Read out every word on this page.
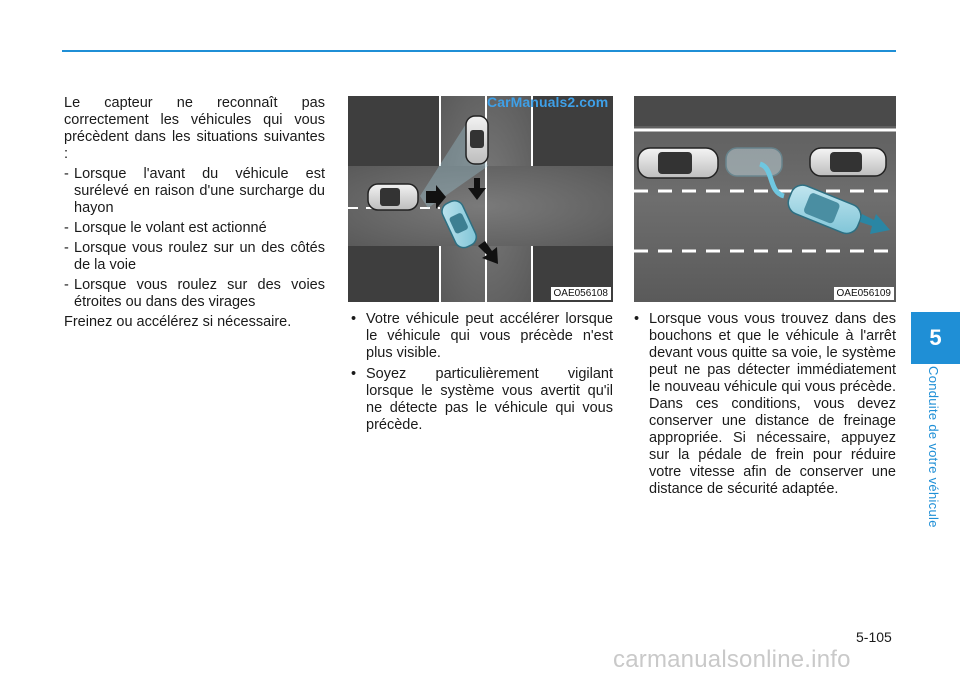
Le capteur ne reconnaît pas correctement les véhicules qui vous précèdent dans les situations suivantes :

- Lorsque l'avant du véhicule est surélevé en raison d'une surcharge du hayon
- Lorsque le volant est actionné
- Lorsque vous roulez sur un des côtés de la voie
- Lorsque vous roulez sur des voies étroites ou dans des virages

Freinez ou accélérez si nécessaire.

OAE056108
CarManuals2.com
OAE056109
• Votre véhicule peut accélérer lorsque le véhicule qui vous précède n'est plus visible.
• Soyez particulièrement vigilant lorsque le système vous avertit qu'il ne détecte pas le véhicule qui vous précède.
• Lorsque vous vous trouvez dans des bouchons et que le véhicule à l'arrêt devant vous quitte sa voie, le système peut ne pas détecter immédiatement le nouveau véhicule qui vous précède. Dans ces conditions, vous devez conserver une distance de freinage appropriée. Si nécessaire, appuyez sur la pédale de frein pour réduire votre vitesse afin de conserver une distance de sécurité adaptée.
5
Conduite de votre véhicule
5-105
carmanualsonline.info
